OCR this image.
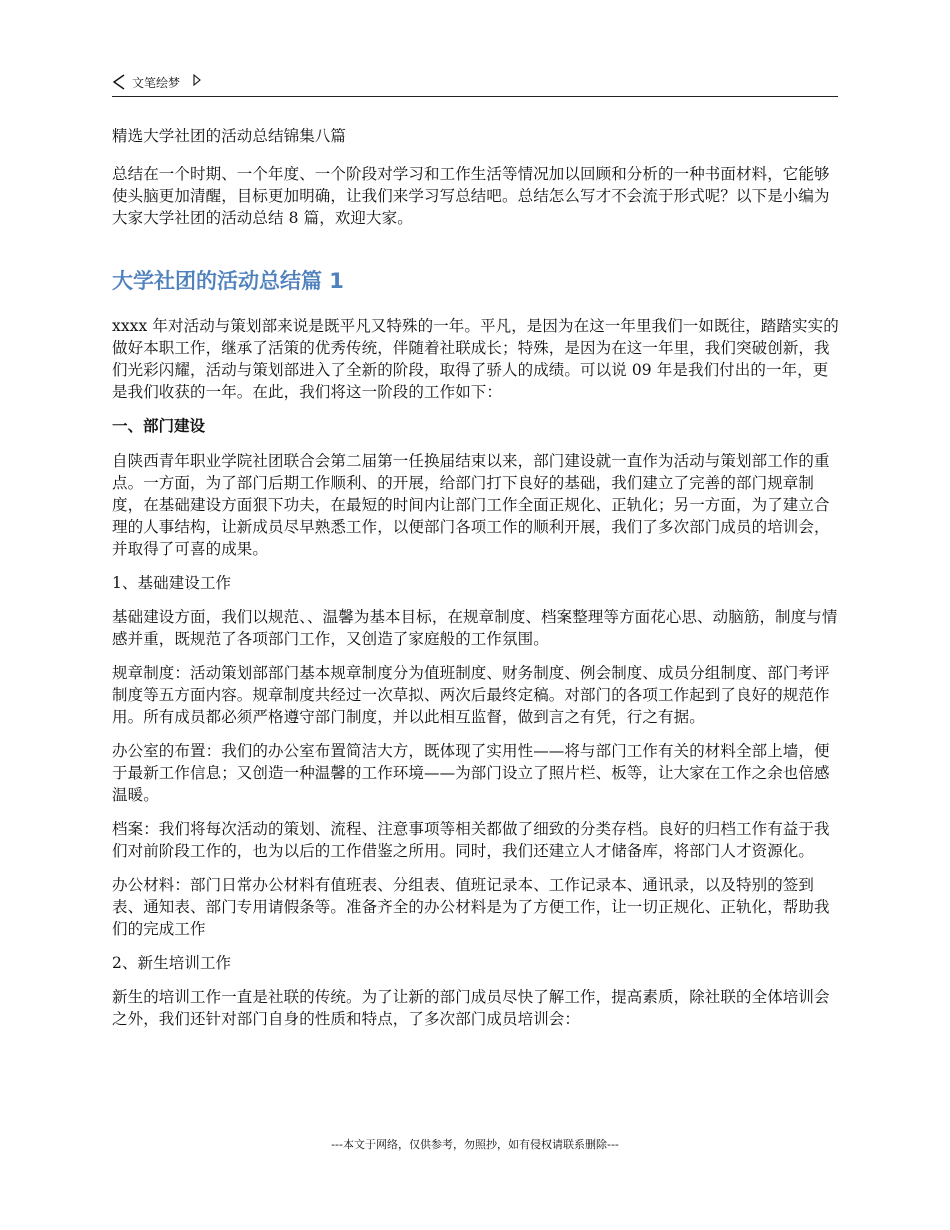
文笔绘梦

精选大学社团的活动总结锦集八篇

总结在一个时期、一个年度、一个阶段对学习和工作生活等情况加以回顾和分析的一种书面材料，它能够使头脑更加清醒，目标更加明确，让我们来学习写总结吧。总结怎么写才不会流于形式呢？以下是小编为大家大学社团的活动总结 8 篇，欢迎大家。

大学社团的活动总结篇 1

xxxx 年对活动与策划部来说是既平凡又特殊的一年。平凡，是因为在这一年里我们一如既往，踏踏实实的做好本职工作，继承了活策的优秀传统，伴随着社联成长；特殊，是因为在这一年里，我们突破创新，我们光彩闪耀，活动与策划部进入了全新的阶段，取得了骄人的成绩。可以说 09 年是我们付出的一年，更是我们收获的一年。在此，我们将这一阶段的工作如下：

一、部门建设

自陕西青年职业学院社团联合会第二届第一任换届结束以来，部门建设就一直作为活动与策划部工作的重点。一方面，为了部门后期工作顺利、的开展，给部门打下良好的基础，我们建立了完善的部门规章制度，在基础建设方面狠下功夫，在最短的时间内让部门工作全面正规化、正轨化；另一方面，为了建立合理的人事结构，让新成员尽早熟悉工作，以便部门各项工作的顺利开展，我们了多次部门成员的培训会，并取得了可喜的成果。

1、基础建设工作

基础建设方面，我们以规范、、温馨为基本目标，在规章制度、档案整理等方面花心思、动脑筋，制度与情感并重，既规范了各项部门工作，又创造了家庭般的工作氛围。

规章制度：活动策划部部门基本规章制度分为值班制度、财务制度、例会制度、成员分组制度、部门考评制度等五方面内容。规章制度共经过一次草拟、两次后最终定稿。对部门的各项工作起到了良好的规范作用。所有成员都必须严格遵守部门制度，并以此相互监督，做到言之有凭，行之有据。

办公室的布置：我们的办公室布置简洁大方，既体现了实用性——将与部门工作有关的材料全部上墙，便于最新工作信息；又创造一种温馨的工作环境——为部门设立了照片栏、板等，让大家在工作之余也倍感温暖。

档案：我们将每次活动的策划、流程、注意事项等相关都做了细致的分类存档。良好的归档工作有益于我们对前阶段工作的，也为以后的工作借鉴之所用。同时，我们还建立人才储备库，将部门人才资源化。

办公材料：部门日常办公材料有值班表、分组表、值班记录本、工作记录本、通讯录，以及特别的签到表、通知表、部门专用请假条等。准备齐全的办公材料是为了方便工作，让一切正规化、正轨化，帮助我们的完成工作

2、新生培训工作

新生的培训工作一直是社联的传统。为了让新的部门成员尽快了解工作，提高素质，除社联的全体培训会之外，我们还针对部门自身的性质和特点，了多次部门成员培训会：

---本文于网络，仅供参考，勿照抄，如有侵权请联系删除---
